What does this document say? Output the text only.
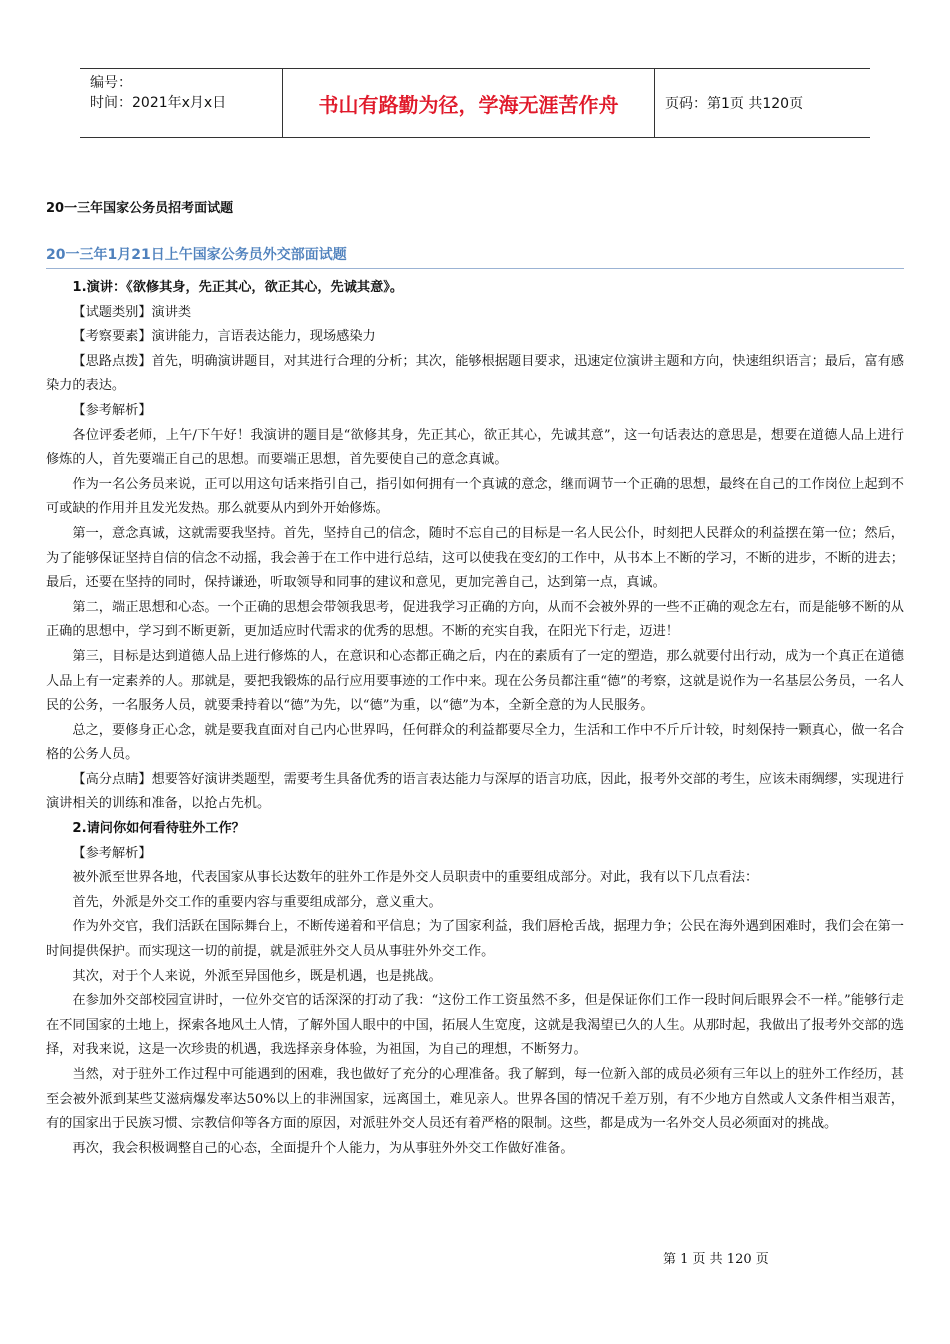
编号：
时间：2021年x月x日	书山有路勤为径，学海无涯苦作舟	页码：第1页 共120页
20一三年国家公务员招考面试题
20一三年1月21日上午国家公务员外交部面试题

1.演讲：《欲修其身，先正其心，欲正其心，先诚其意》。

【试题类别】演讲类

【考察要素】演讲能力，言语表达能力，现场感染力

【思路点拨】首先，明确演讲题目，对其进行合理的分析；其次，能够根据题目要求，迅速定位演讲主题和方向，快速组织语言；最后，富有感染力的表达。

【参考解析】

各位评委老师，上午/下午好！我演讲的题目是“欲修其身，先正其心，欲正其心，先诚其意”，这一句话表达的意思是，想要在道德人品上进行修炼的人，首先要端正自己的思想。而要端正思想，首先要使自己的意念真诚。

作为一名公务员来说，正可以用这句话来指引自己，指引如何拥有一个真诚的意念，继而调节一个正确的思想，最终在自己的工作岗位上起到不可或缺的作用并且发光发热。那么就要从内到外开始修炼。

第一，意念真诚，这就需要我坚持。首先，坚持自己的信念，随时不忘自己的目标是一名人民公仆，时刻把人民群众的利益摆在第一位；然后，为了能够保证坚持自信的信念不动摇，我会善于在工作中进行总结，这可以使我在变幻的工作中，从书本上不断的学习，不断的进步，不断的进去；最后，还要在坚持的同时，保持谦逊，听取领导和同事的建议和意见，更加完善自己，达到第一点，真诚。

第二，端正思想和心态。一个正确的思想会带领我思考，促进我学习正确的方向，从而不会被外界的一些不正确的观念左右，而是能够不断的从正确的思想中，学习到不断更新，更加适应时代需求的优秀的思想。不断的充实自我，在阳光下行走，迈进！

第三，目标是达到道德人品上进行修炼的人，在意识和心态都正确之后，内在的素质有了一定的塑造，那么就要付出行动，成为一个真正在道德人品上有一定素养的人。那就是，要把我锻炼的品行应用要事迹的工作中来。现在公务员都注重“德”的考察，这就是说作为一名基层公务员，一名人民的公务，一名服务人员，就要秉持着以“德”为先，以“德”为重，以“德”为本，全新全意的为人民服务。

总之，要修身正心念，就是要我直面对自己内心世界吗，任何群众的利益都要尽全力，生活和工作中不斤斤计较，时刻保持一颗真心，做一名合格的公务人员。

【高分点睛】想要答好演讲类题型，需要考生具备优秀的语言表达能力与深厚的语言功底，因此，报考外交部的考生，应该未雨绸缪，实现进行演讲相关的训练和准备，以抢占先机。

2.请问你如何看待驻外工作？

【参考解析】

被外派至世界各地，代表国家从事长达数年的驻外工作是外交人员职责中的重要组成部分。对此，我有以下几点看法：

首先，外派是外交工作的重要内容与重要组成部分，意义重大。

作为外交官，我们活跃在国际舞台上，不断传递着和平信息；为了国家利益，我们唇枪舌战，据理力争；公民在海外遇到困难时，我们会在第一时间提供保护。而实现这一切的前提，就是派驻外交人员从事驻外外交工作。

其次，对于个人来说，外派至异国他乡，既是机遇，也是挑战。

在参加外交部校园宣讲时，一位外交官的话深深的打动了我：“这份工作工资虽然不多，但是保证你们工作一段时间后眼界会不一样。”能够行走在不同国家的土地上，探索各地风土人情，了解外国人眼中的中国，拓展人生宽度，这就是我渴望已久的人生。从那时起，我做出了报考外交部的选择，对我来说，这是一次珍贵的机遇，我选择亲身体验，为祖国，为自己的理想，不断努力。

当然，对于驻外工作过程中可能遇到的困难，我也做好了充分的心理准备。我了解到，每一位新入部的成员必须有三年以上的驻外工作经历，甚至会被外派到某些艾滋病爆发率达50%以上的非洲国家，远离国土，难见亲人。世界各国的情况千差万别，有不少地方自然或人文条件相当艰苦，有的国家出于民族习惯、宗教信仰等各方面的原因，对派驻外交人员还有着严格的限制。这些，都是成为一名外交人员必须面对的挑战。

再次，我会积极调整自己的心态，全面提升个人能力，为从事驻外外交工作做好准备。

第 1 页 共 120 页
